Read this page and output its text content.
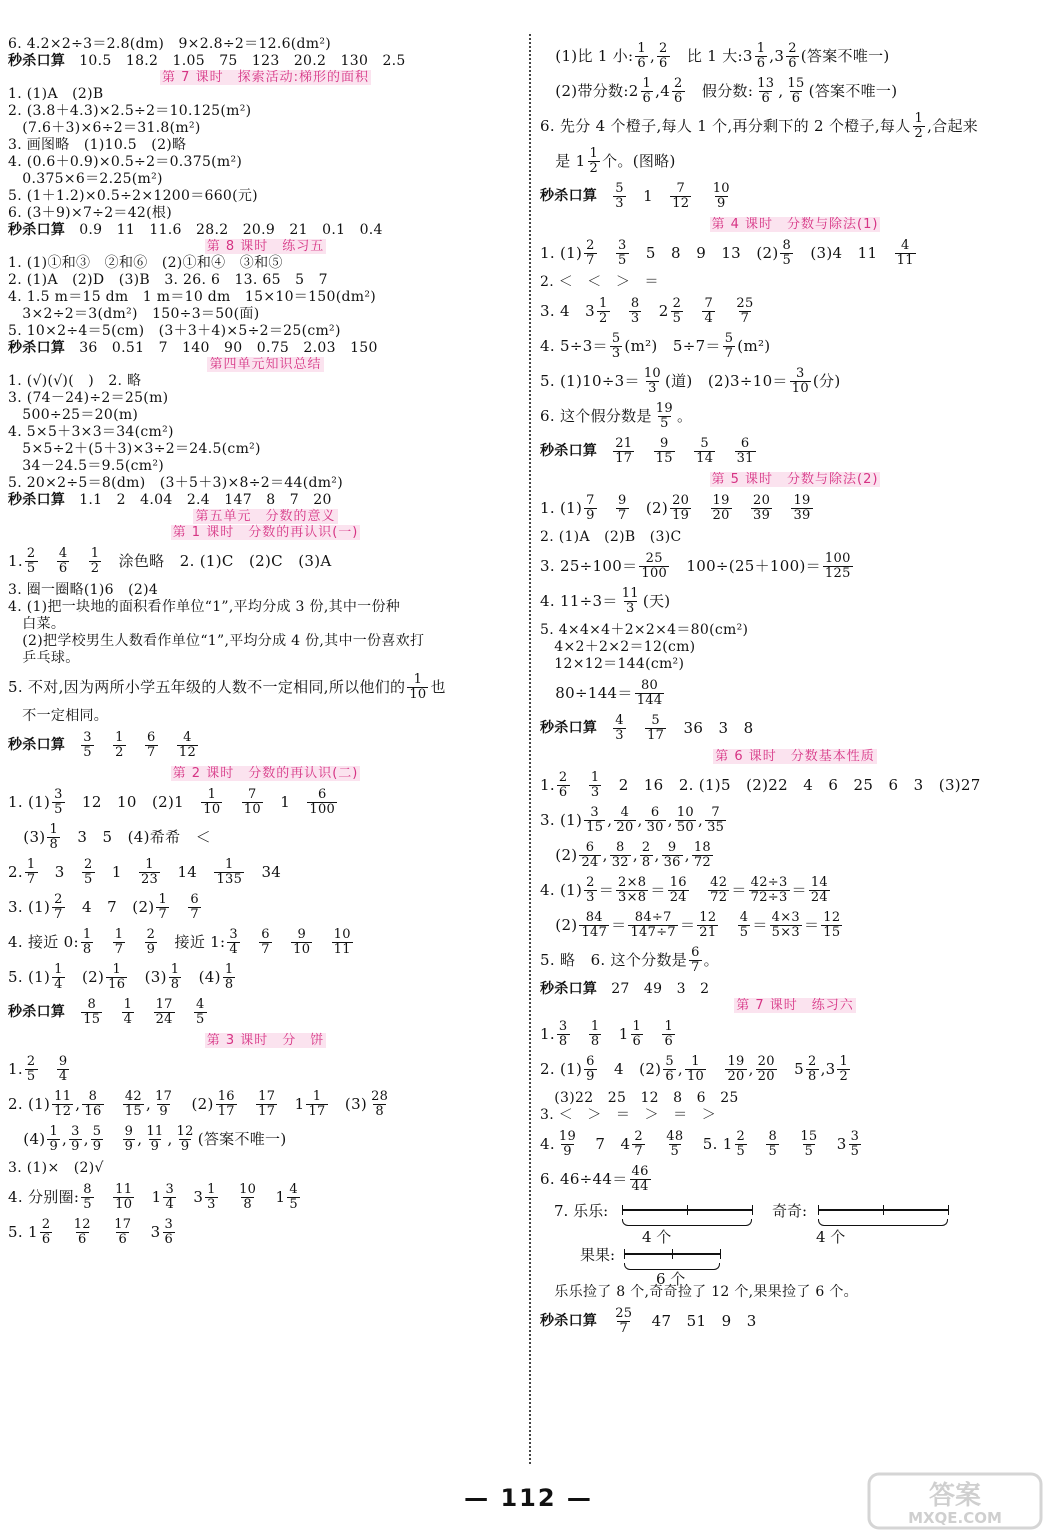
6. 4.2×2÷3＝2.8(dm)　9×2.8÷2＝12.6(dm²)
秒杀口算 10.5　18.2　1.05　75　123　20.2　130　2.5
第 7 课时　探索活动:梯形的面积
1. (1)A　(2)B
2. (3.8＋4.3)×2.5÷2＝10.125(m²)
　(7.6＋3)×6÷2＝31.8(m²)
3. 画图略　(1)10.5　(2)略
4. (0.6＋0.9)×0.5÷2＝0.375(m²)
　0.375×6＝2.25(m²)
5. (1＋1.2)×0.5÷2×1200＝660(元)
6. (3＋9)×7÷2＝42(根)
秒杀口算 0.9　11　11.6　28.2　20.9　21　0.1　0.4
第 8 课时　练习五
1. (1)①和③　②和⑥　(2)①和④　③和⑤
2. (1)A　(2)D　(3)B　3. 26. 6　13. 65　5　7
4. 1.5 m＝15 dm　1 m＝10 dm　15×10＝150(dm²)
　3×2÷2＝3(dm²)　150÷3＝50(面)
5. 10×2÷4＝5(cm)　(3＋3＋4)×5÷2＝25(cm²)
秒杀口算 36　0.51　7　140　90　0.75　2.03　150
第四单元知识总结
1. (√)(√)(　)　2. 略
3. (74－24)÷2＝25(m)
　500÷25＝20(m)
4. 5×5＋3×3＝34(cm²)
　5×5÷2＋(5＋3)×3÷2＝24.5(cm²)
　34－24.5＝9.5(cm²)
5. 20×2÷5＝8(dm)　(3＋5＋3)×8÷2＝44(dm²)
秒杀口算 1.1　2　4.04　2.4　147　8　7　20
第五单元　分数的意义
第 1 课时　分数的再认识(一)
1. $\frac{2}{5}$
　 $\frac{4}{6}$
　 $\frac{1}{2}$ 　涂色略　2. (1)C　(2)C　(3)A
3. 圈一圈略(1)6　(2)4
4. (1)把一块地的面积看作单位“1”,平均分成 3 份,其中一份种
　白菜。
　(2)把学校男生人数看作单位“1”,平均分成 4 份,其中一份喜欢打
　乒乓球。
5. 不对,因为两所小学五年级的人数不一定相同,所以他们的 $\frac{1}{10}$ 也
　不一定相同。
秒杀口算 $\frac{3}{5}$
　 $\frac{1}{2}$
　 $\frac{6}{7}$
　 $\frac{4}{12}$
第 2 课时　分数的再认识(二)
1. $(1) \frac{3}{5}$ 　12　10　(2)1　 $\frac{1}{10}$
　 $\frac{7}{10}$ 　1　 $\frac{6}{100}$
　$(3) \frac{1}{8}$ 　3　5　(4)希希　＜
2. $\frac{1}{7}$ 　3　 $\frac{2}{5}$ 　1　 $\frac{1}{23}$ 　14　 $\frac{1}{135}$ 　34
3. $(1) \frac{2}{7}$ 　4　7　$(2) \frac{1}{7}$
　 $\frac{6}{7}$
4. 接近 0: $\frac{1}{8}$
　 $\frac{1}{7}$
　 $\frac{2}{9}$ 　接近 1: $\frac{3}{4}$
　 $\frac{6}{7}$
　 $\frac{9}{10}$
　 $\frac{10}{11}$
5. $(1) \frac{1}{4}$ 　$(2) \frac{1}{16}$ 　$(3) \frac{1}{8}$ 　$(4) \frac{1}{8}$
秒杀口算 $\frac{8}{15}$
　 $\frac{1}{4}$
　 $\frac{17}{24}$
　 $\frac{4}{5}$
第 3 课时　分　饼
1. $\frac{2}{5}$
　 $\frac{9}{4}$
2. $(1) \frac{11}{12}$ , $\frac{8}{16}$
　 $\frac{42}{15}$ , $\frac{17}{9}$ 　$(2) \frac{16}{17}$
　 $\frac{17}{17}$ 　$1 \frac{1}{17}$ 　$(3) \frac{28}{8}$
　$(4) \frac{1}{9}$ , $\frac{3}{9}$ , $\frac{5}{9}$
　 $\frac{9}{9}$ , $\frac{11}{9}$ , $\frac{12}{9}$ (答案不唯一)
3. (1)×　(2)√
4. 分别圈: $\frac{8}{5}$
　 $\frac{11}{10}$ 　$1 \frac{3}{4}$ 　$3 \frac{1}{3}$
　 $\frac{10}{8}$ 　$1 \frac{4}{5}$
5. $1 \frac{2}{6}$
　 $\frac{12}{6}$
　 $\frac{17}{6}$ 　$3 \frac{3}{6}$
　(1)比 1 小: $\frac{1}{6}$ , $\frac{2}{6}$ 　比 1 大:3 $\frac{1}{6} ,3 \frac{2}{6}$ (答案不唯一)
　(2)带分数:2 $\frac{1}{6} ,4 \frac{2}{6}$ 　假分数: $\frac{13}{6}$ , $\frac{15}{6}$ (答案不唯一)
6. 先分 4 个橙子,每人 1 个,再分剩下的 2 个橙子,每人 $\frac{1}{2}$ ,合起来
　是 $1 \frac{1}{2}$ 个。(图略)
秒杀口算 $\frac{5}{3}$ 　1　 $\frac{7}{12}$
　 $\frac{10}{9}$
第 4 课时　分数与除法(1)
1. $(1) \frac{2}{7}$
　 $\frac{3}{5}$ 　5　8　9　13　$(2) \frac{8}{5}$ 　(3)4　11　 $\frac{4}{11}$
2. ＜　＜　＞　＝
3. 4　$3 \frac{1}{2}$
　 $\frac{8}{3}$ 　$2 \frac{2}{5}$
　 $\frac{7}{4}$
　 $\frac{25}{7}$
4. $5\div 3= \frac{5}{3} (m^2)$　$5\div 7= \frac{5}{7} (m^2)$
5. $(1)10\div 3= \frac{10}{3}$ (道)　$(2)3\div 10= \frac{3}{10}$ (分)
6. 这个假分数是 $\frac{19}{5}$ 。
秒杀口算 $\frac{21}{17}$
　 $\frac{9}{15}$
　 $\frac{5}{14}$
　 $\frac{6}{31}$
第 5 课时　分数与除法(2)
1. $(1) \frac{7}{9}$
　 $\frac{9}{7}$ 　$(2) \frac{20}{19}$
　 $\frac{19}{20}$
　 $\frac{20}{39}$
　 $\frac{19}{39}$
2. (1)A　(2)B　(3)C
3. $25\div 100= \frac{25}{100}$ 　$100\div(25+100)= \frac{100}{125}$
4. $11\div 3= \frac{11}{3}$ (天)
5. 4×4×4＋2×2×4＝80(cm²)
　4×2＋2×2＝12(cm)
　12×12＝144(cm²)
　$80\div 144= \frac{80}{144}$
秒杀口算 $\frac{4}{3}$
　 $\frac{5}{17}$ 　36　3　8
第 6 课时　分数基本性质
1. $\frac{2}{6}$
　 $\frac{1}{3}$ 　2　16　2. (1)5　(2)22　4　6　25　6　3　(3)27
3. $(1) \frac{3}{15}$ , $\frac{4}{20}$ , $\frac{6}{30}$ , $\frac{10}{50}$ , $\frac{7}{35}$
　$(2) \frac{6}{24}$ , $\frac{8}{32}$ , $\frac{2}{8}$ , $\frac{9}{36}$ , $\frac{18}{72}$
4. $(1) \frac{2}{3} = \frac{2\times 8}{3\times 8} = \frac{16}{24}$
　 $\frac{42}{72} = \frac{42\div 3}{72\div 3} = \frac{14}{24}$
　$(2) \frac{84}{147} = \frac{84\div 7}{147\div 7} = \frac{12}{21}$
　 $\frac{4}{5} = \frac{4\times 3}{5\times 3} = \frac{12}{15}$
5. 略　6. 这个分数是 $\frac{6}{7}$ 。
秒杀口算 27　49　3　2
第 7 课时　练习六
1. $\frac{3}{8}$
　 $\frac{1}{8}$ 　$1 \frac{1}{6}$
　 $\frac{1}{6}$
2. $(1) \frac{6}{9}$ 　4　$(2) \frac{5}{6}$ , $\frac{1}{10}$
　 $\frac{19}{20}$ , $\frac{20}{20}$ 　$5 \frac{2}{8} ,3 \frac{1}{2}$
　(3)22　25　12　8　6　25
3. ＜　＞　＝　＞　＝　＞
4. $\frac{19}{9}$ 　7　$4 \frac{2}{7}$
　 $\frac{48}{5}$ 　5. $1 \frac{2}{5}$
　 $\frac{8}{5}$
　 $\frac{15}{5}$ 　$3 \frac{3}{5}$
6. $46\div 44= \frac{46}{44}$
7. 乐乐:	奇奇:
果果:
4 个	4 个
6 个
　乐乐捡了 8 个,奇奇捡了 12 个,果果捡了 6 个。
秒杀口算 $\frac{25}{7}$ 　47　51　9　3
— 112 —	答案
MXQE.COM
